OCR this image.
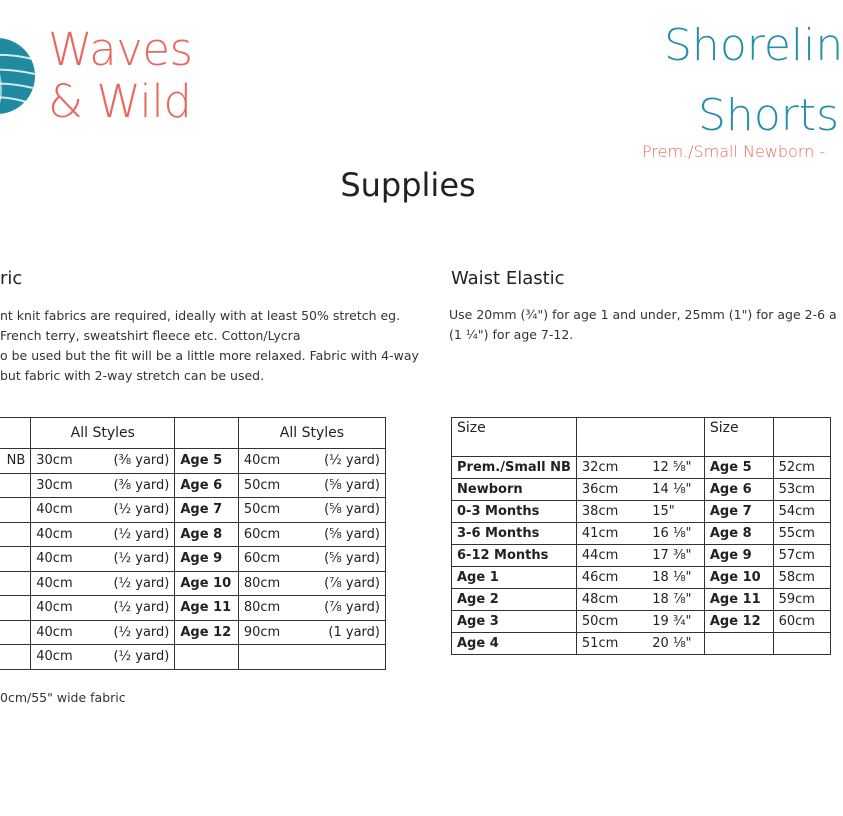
Waves
& Wild
Shorelin
Shorts
Prem./Small Newborn -
Supplies
ric
nt knit fabrics are required, ideally with at least 50% stretch eg.
French terry, sweatshirt fleece etc. Cotton/Lycra
o be used but the fit will be a little more relaxed. Fabric with 4-way
but fabric with 2-way stretch can be used.
	All Styles		All Styles
NB	30cm (⅜ yard)	Age 5	40cm (½ yard)

	30cm (⅜ yard)	Age 6	50cm (⅝ yard)

	40cm (½ yard)	Age 7	50cm (⅝ yard)

	40cm (½ yard)	Age 8	60cm (⅝ yard)

	40cm (½ yard)	Age 9	60cm (⅝ yard)

	40cm (½ yard)	Age 10	80cm (⅞ yard)

	40cm (½ yard)	Age 11	80cm (⅞ yard)

	40cm (½ yard)	Age 12	90cm (1 yard)

	40cm (½ yard)		

0cm/55" wide fabric
Waist Elastic
Use 20mm (¾") for age 1 and under, 25mm (1") for age 2-6 a
(1 ¼") for age 7-12.
Size		Size	
Prem./Small NB	32cm 12 ⅝"	Age 5	52cm
Newborn	36cm 14 ⅛"	Age 6	53cm
0-3 Months	38cm 15"	Age 7	54cm
3-6 Months	41cm 16 ⅛"	Age 8	55cm
6-12 Months	44cm 17 ⅜"	Age 9	57cm
Age 1	46cm 18 ⅛"	Age 10	58cm
Age 2	48cm 18 ⅞"	Age 11	59cm
Age 3	50cm 19 ¾"	Age 12	60cm
Age 4	51cm 20 ⅛"		
